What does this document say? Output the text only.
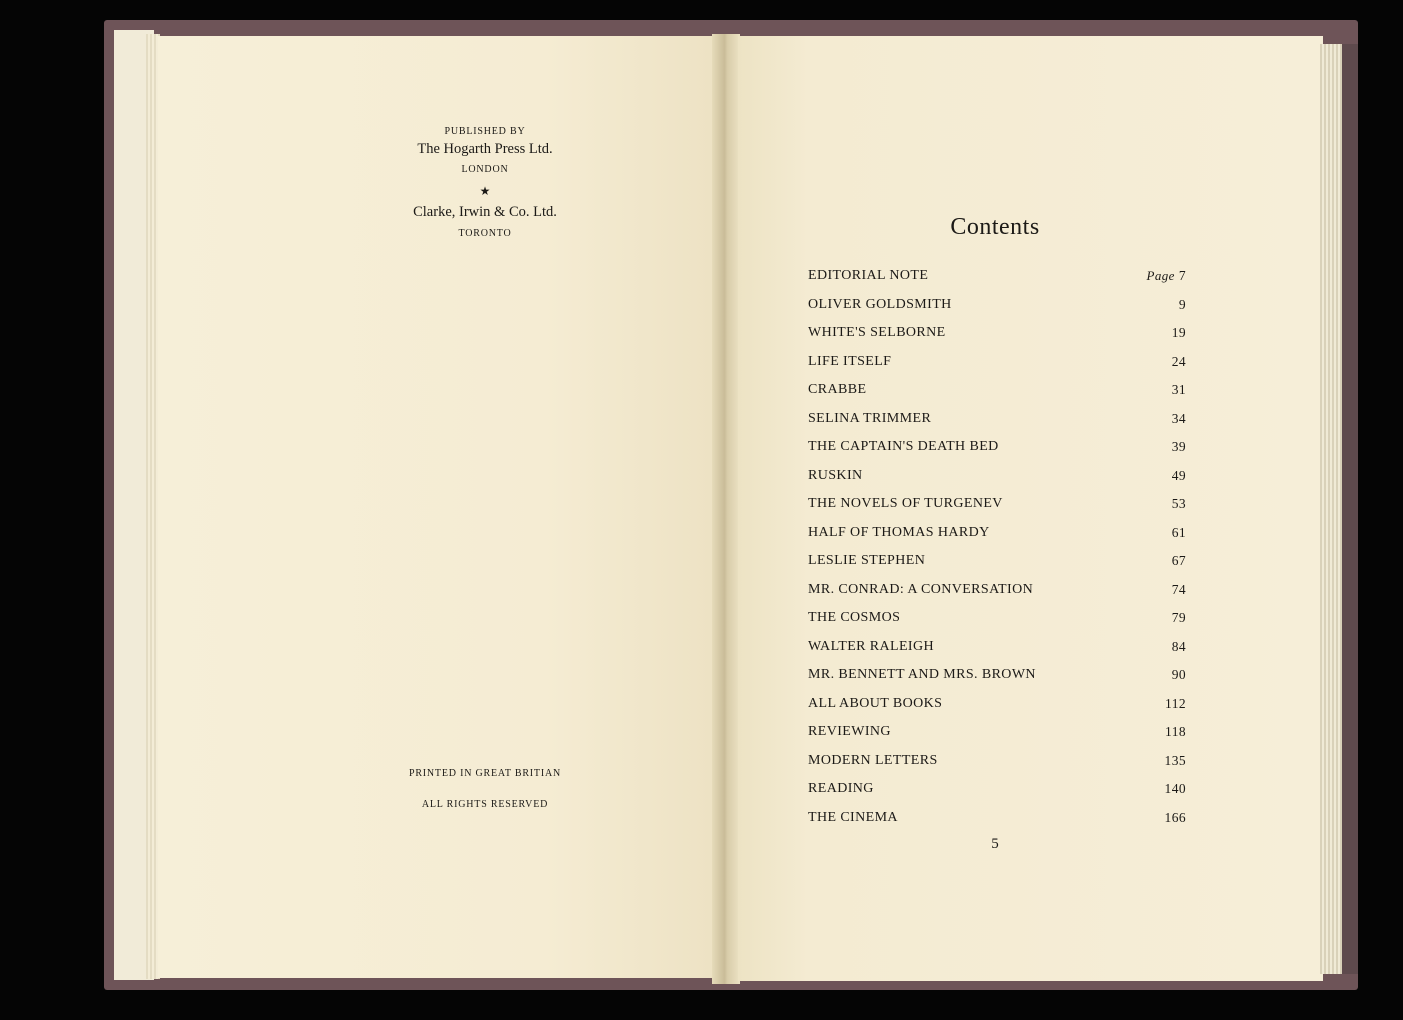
PUBLISHED BY
The Hogarth Press Ltd.
LONDON
★
Clarke, Irwin & Co. Ltd.
TORONTO
PRINTED IN GREAT BRITIAN
ALL RIGHTS RESERVED
Contents
EDITORIAL NOTE	Page 7
OLIVER GOLDSMITH	9
WHITE'S SELBORNE	19
LIFE ITSELF	24
CRABBE	31
SELINA TRIMMER	34
THE CAPTAIN'S DEATH BED	39
RUSKIN	49
THE NOVELS OF TURGENEV	53
HALF OF THOMAS HARDY	61
LESLIE STEPHEN	67
MR. CONRAD: A CONVERSATION	74
THE COSMOS	79
WALTER RALEIGH	84
MR. BENNETT AND MRS. BROWN	90
ALL ABOUT BOOKS	112
REVIEWING	118
MODERN LETTERS	135
READING	140
THE CINEMA	166
5
